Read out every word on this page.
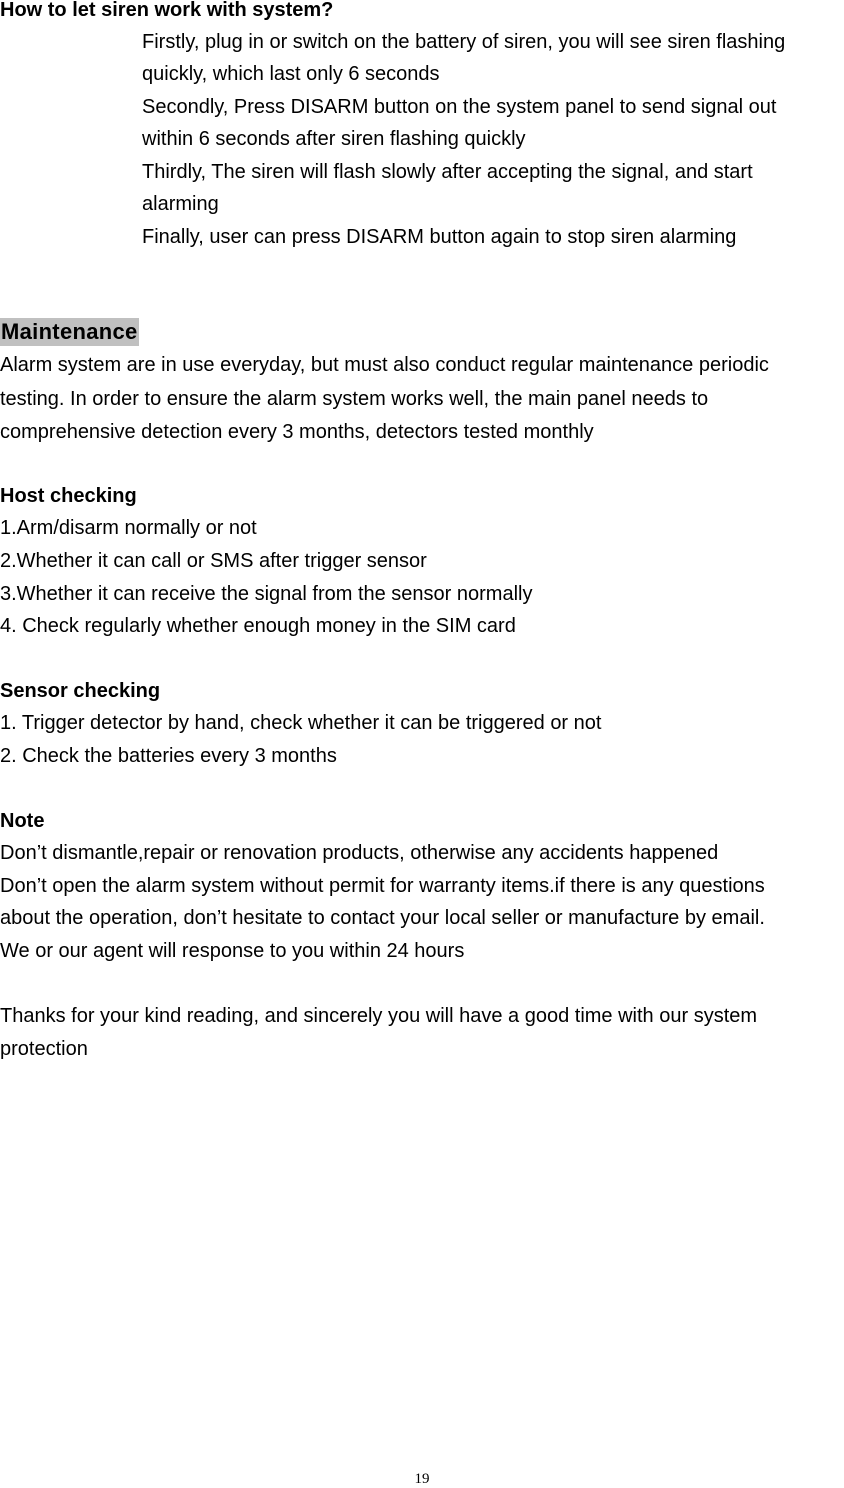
How to let siren work with system?
Firstly, plug in or switch on the battery of siren, you will see siren flashing
quickly, which last only 6 seconds
Secondly, Press DISARM button on the system panel to send signal out
within 6 seconds after siren flashing quickly
Thirdly, The siren will flash slowly after accepting the signal, and start
alarming
Finally, user can press DISARM button again to stop siren alarming
Maintenance
Alarm system are in use everyday, but must also conduct regular maintenance periodic
testing. In order to ensure the alarm system works well, the main panel needs to
comprehensive detection every 3 months, detectors tested monthly
Host checking
1.Arm/disarm normally or not
2.Whether it can call or SMS after trigger sensor
3.Whether it can receive the signal from the sensor normally
4. Check regularly whether enough money in the SIM card
Sensor checking
1. Trigger detector by hand, check whether it can be triggered or not
2. Check the batteries every 3 months
Note
Don’t dismantle,repair or renovation products, otherwise any accidents happened
Don’t open the alarm system without permit for warranty items.if there is any questions
about the operation, don’t hesitate to contact your local seller or manufacture by email.
We or our agent will response to you within 24 hours
Thanks for your kind reading, and sincerely you will have a good time with our system
protection
19
